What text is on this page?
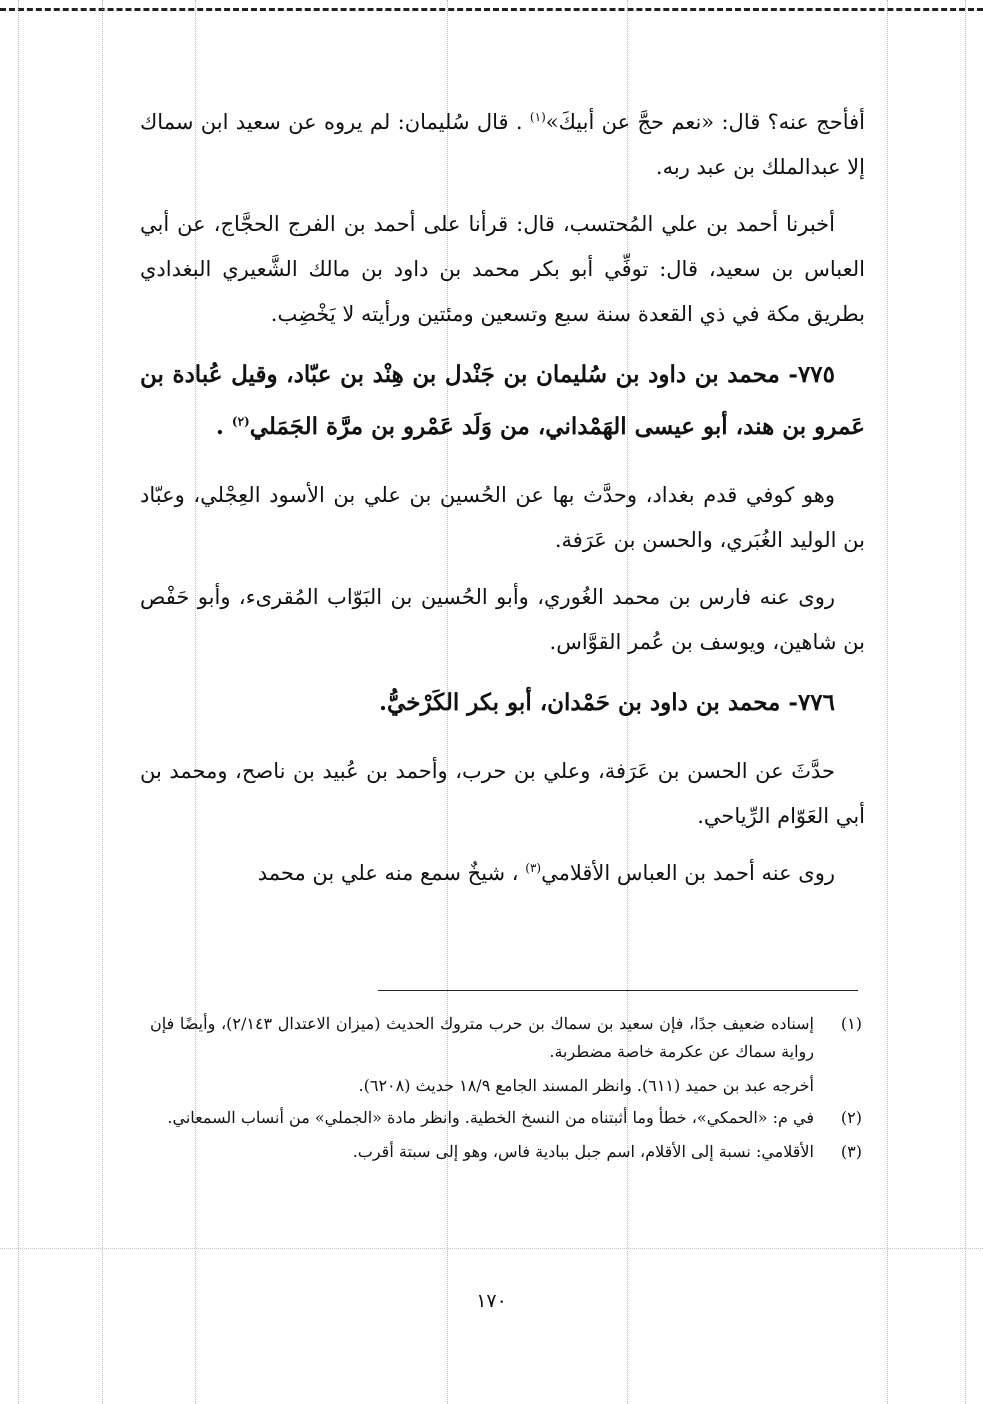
أفأحج عنه؟ قال: «نعم حجَّ عن أبيكَ»$^{(١)}$ . قال سُليمان: لم يروه عن سعيد ابن سماك إلا عبدالملك بن عبد ربه.

أخبرنا أحمد بن علي المُحتسب، قال: قرأنا على أحمد بن الفرج الحجَّاج، عن أبي العباس بن سعيد، قال: توفِّي أبو بكر محمد بن داود بن مالك الشَّعيري البغدادي بطريق مكة في ذي القعدة سنة سبع وتسعين ومئتين ورأيته لا يَخْضِب.

٧٧٥- محمد بن داود بن سُليمان بن جَنْدل بن هِنْد بن عبّاد، وقيل عُبادة بن عَمرو بن هند، أبو عيسى الهَمْداني، من وَلَد عَمْرو بن مرَّة الجَمَلي$^{(٢)}$ .

وهو كوفي قدم بغداد، وحدَّث بها عن الحُسين بن علي بن الأسود العِجْلي، وعبّاد بن الوليد الغُبَري، والحسن بن عَرَفة.

روى عنه فارس بن محمد الغُوري، وأبو الحُسين بن البَوّاب المُقرىء، وأبو حَفْص بن شاهين، ويوسف بن عُمر القوَّاس.

٧٧٦- محمد بن داود بن حَمْدان، أبو بكر الكَرْخيُّ.

حدَّثَ عن الحسن بن عَرَفة، وعلي بن حرب، وأحمد بن عُبيد بن ناصح، ومحمد بن أبي العَوّام الرِّياحي.

روى عنه أحمد بن العباس الأقلامي$^{(٣)}$ ، شيخٌ سمع منه علي بن محمد

(١)إسناده ضعيف جدًا، فإن سعيد بن سماك بن حرب متروك الحديث (ميزان الاعتدال ٢/١٤٣)، وأيضًا فإن رواية سماك عن عكرمة خاصة مضطربة.

أخرجه عبد بن حميد (٦١١). وانظر المسند الجامع ١٨/٩ حديث (٦٢٠٨).

(٢)في م: «الحمكي»، خطأ وما أثبتناه من النسخ الخطية. وانظر مادة «الجملي» من أنساب السمعاني.

(٣)الأقلامي: نسبة إلى الأقلام، اسم جبل ببادية فاس، وهو إلى سبتة أقرب.

١٧٠
